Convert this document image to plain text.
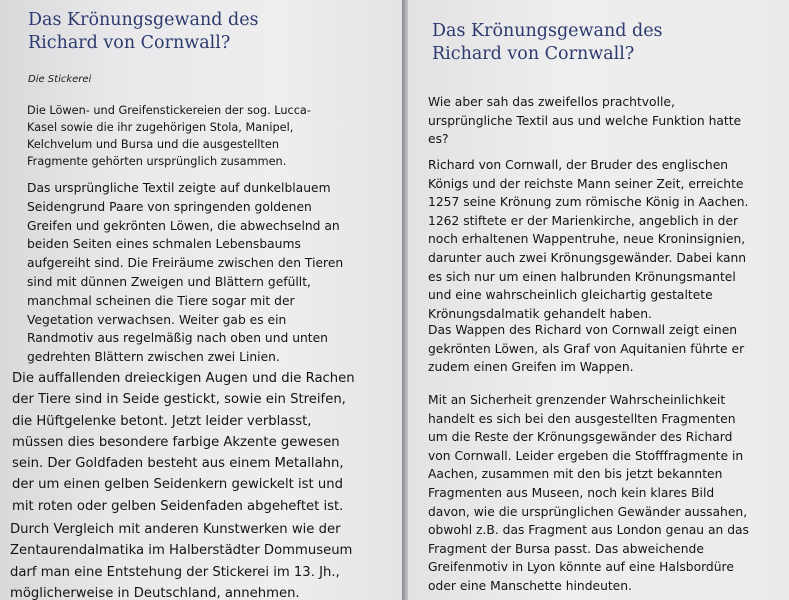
Das Krönungsgewand des
Richard von Cornwall?

Die Stickerei

Die Löwen- und Greifenstickereien der sog. Lucca-
Kasel sowie die ihr zugehörigen Stola, Manipel,
Kelchvelum und Bursa und die ausgestellten
Fragmente gehörten ursprünglich zusammen.

Das ursprüngliche Textil zeigte auf dunkelblauem
Seidengrund Paare von springenden goldenen
Greifen und gekrönten Löwen, die abwechselnd an
beiden Seiten eines schmalen Lebensbaums
aufgereiht sind. Die Freiräume zwischen den Tieren
sind mit dünnen Zweigen und Blättern gefüllt,
manchmal scheinen die Tiere sogar mit der
Vegetation verwachsen. Weiter gab es ein
Randmotiv aus regelmäßig nach oben und unten
gedrehten Blättern zwischen zwei Linien.

Die auffallenden dreieckigen Augen und die Rachen
der Tiere sind in Seide gestickt, sowie ein Streifen,
die Hüftgelenke betont. Jetzt leider verblasst,
müssen dies besondere farbige Akzente gewesen
sein. Der Goldfaden besteht aus einem Metallahn,
der um einen gelben Seidenkern gewickelt ist und
mit roten oder gelben Seidenfaden abgeheftet ist.

Durch Vergleich mit anderen Kunstwerken wie der
Zentaurendalmatika im Halberstädter Dommuseum
darf man eine Entstehung der Stickerei im 13. Jh.,
möglicherweise in Deutschland, annehmen.

Das Krönungsgewand des
Richard von Cornwall?

Wie aber sah das zweifellos prachtvolle,
ursprüngliche Textil aus und welche Funktion hatte
es?

Richard von Cornwall, der Bruder des englischen
Königs und der reichste Mann seiner Zeit, erreichte
1257 seine Krönung zum römische König in Aachen.
1262 stiftete er der Marienkirche, angeblich in der
noch erhaltenen Wappentruhe, neue Kroninsignien,
darunter auch zwei Krönungsgewänder. Dabei kann
es sich nur um einen halbrunden Krönungsmantel
und eine wahrscheinlich gleichartig gestaltete
Krönungsdalmatik gehandelt haben.

Das Wappen des Richard von Cornwall zeigt einen
gekrönten Löwen, als Graf von Aquitanien führte er
zudem einen Greifen im Wappen.

Mit an Sicherheit grenzender Wahrscheinlichkeit
handelt es sich bei den ausgestellten Fragmenten
um die Reste der Krönungsgewänder des Richard
von Cornwall. Leider ergeben die Stofffragmente in
Aachen, zusammen mit den bis jetzt bekannten
Fragmenten aus Museen, noch kein klares Bild
davon, wie die ursprünglichen Gewänder aussahen,
obwohl z.B. das Fragment aus London genau an das
Fragment der Bursa passt. Das abweichende
Greifenmotiv in Lyon könnte auf eine Halsbordüre
oder eine Manschette hindeuten.
